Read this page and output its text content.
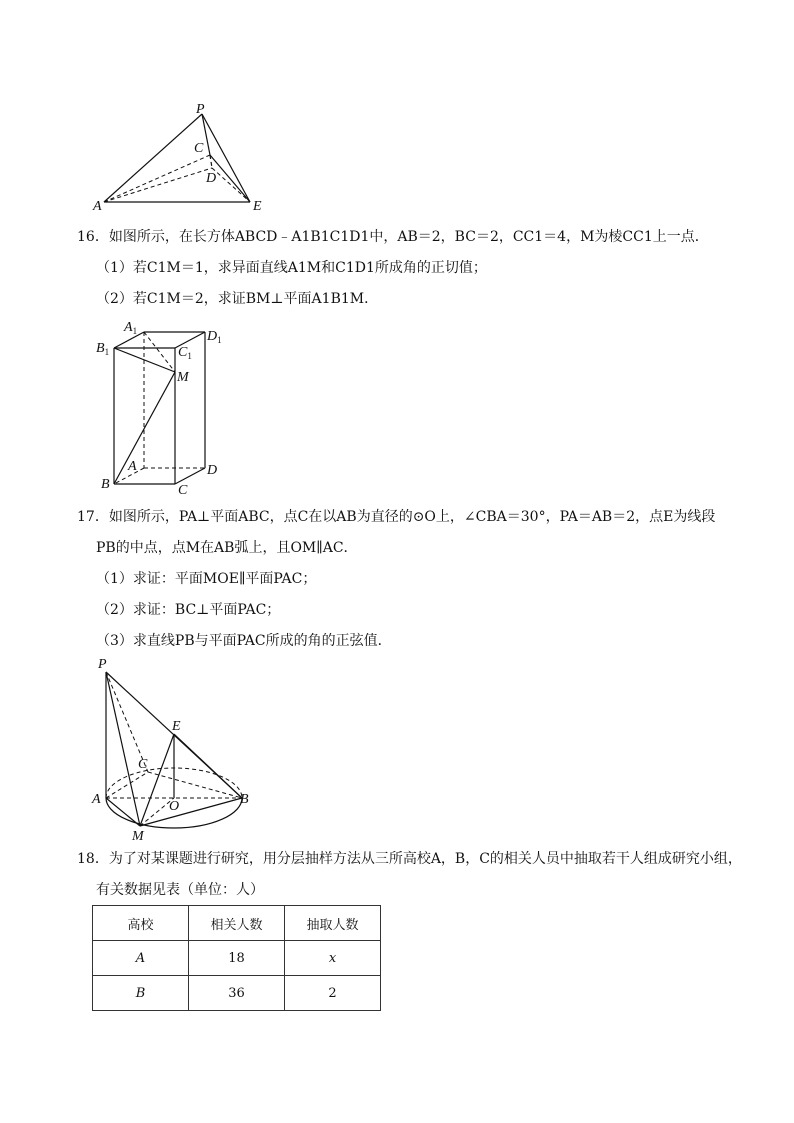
P
C
D
A	E
16．如图所示，在长方体ABCD﹣A1B1C1D1中，AB＝2，BC＝2，CC1＝4，M为棱CC1上一点．
（1）若C1M＝1，求异面直线A1M和C1D1所成角的正切值；
（2）若C1M＝2，求证BM⊥平面A1B1M．
$A_1$	$D_1$
$B_1$	$C_1$
M
A	D
B	C
17．如图所示，PA⊥平面ABC，点C在以AB为直径的⊙O上，∠CBA＝30°，PA＝AB＝2，点E为线段
PB的中点，点M在AB弧上，且OM∥AC．
（1）求证：平面MOE∥平面PAC；
（2）求证：BC⊥平面PAC；
（3）求直线PB与平面PAC所成的角的正弦值．
P
E
C
A	O	B
M
18．为了对某课题进行研究，用分层抽样方法从三所高校A，B，C的相关人员中抽取若干人组成研究小组，
有关数据见表（单位：人）
高校	相关人数	抽取人数
A	18	x
B	36	2
